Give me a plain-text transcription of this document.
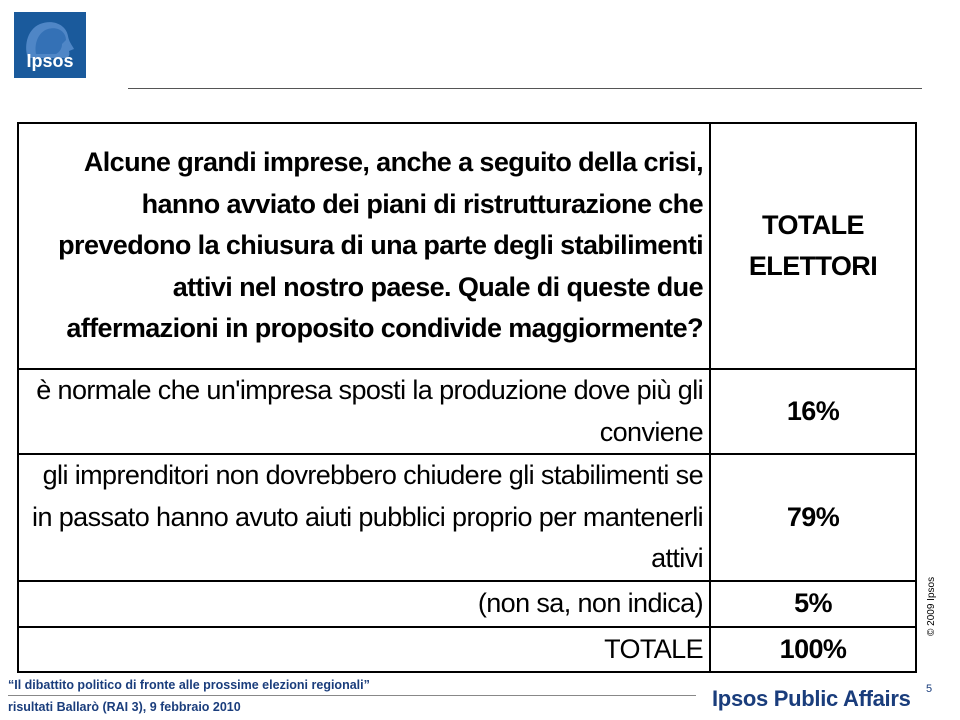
Ipsos
Alcune grandi imprese, anche a seguito della crisi, hanno avviato dei piani di ristrutturazione che prevedono la chiusura di una parte degli stabilimenti attivi nel nostro paese. Quale di queste due affermazioni in proposito condivide maggiormente?	TOTALE ELETTORI
è normale che un'impresa sposti la produzione dove più gli conviene	16%
gli imprenditori non dovrebbero chiudere gli stabilimenti se in passato hanno avuto aiuti pubblici proprio per mantenerli attivi	79%
(non sa, non indica)	5%
TOTALE	100%
© 2009 Ipsos
“Il dibattito politico di fronte alle prossime elezioni regionali”
risultati Ballarò (RAI 3), 9 febbraio 2010
5
Ipsos Public Affairs
